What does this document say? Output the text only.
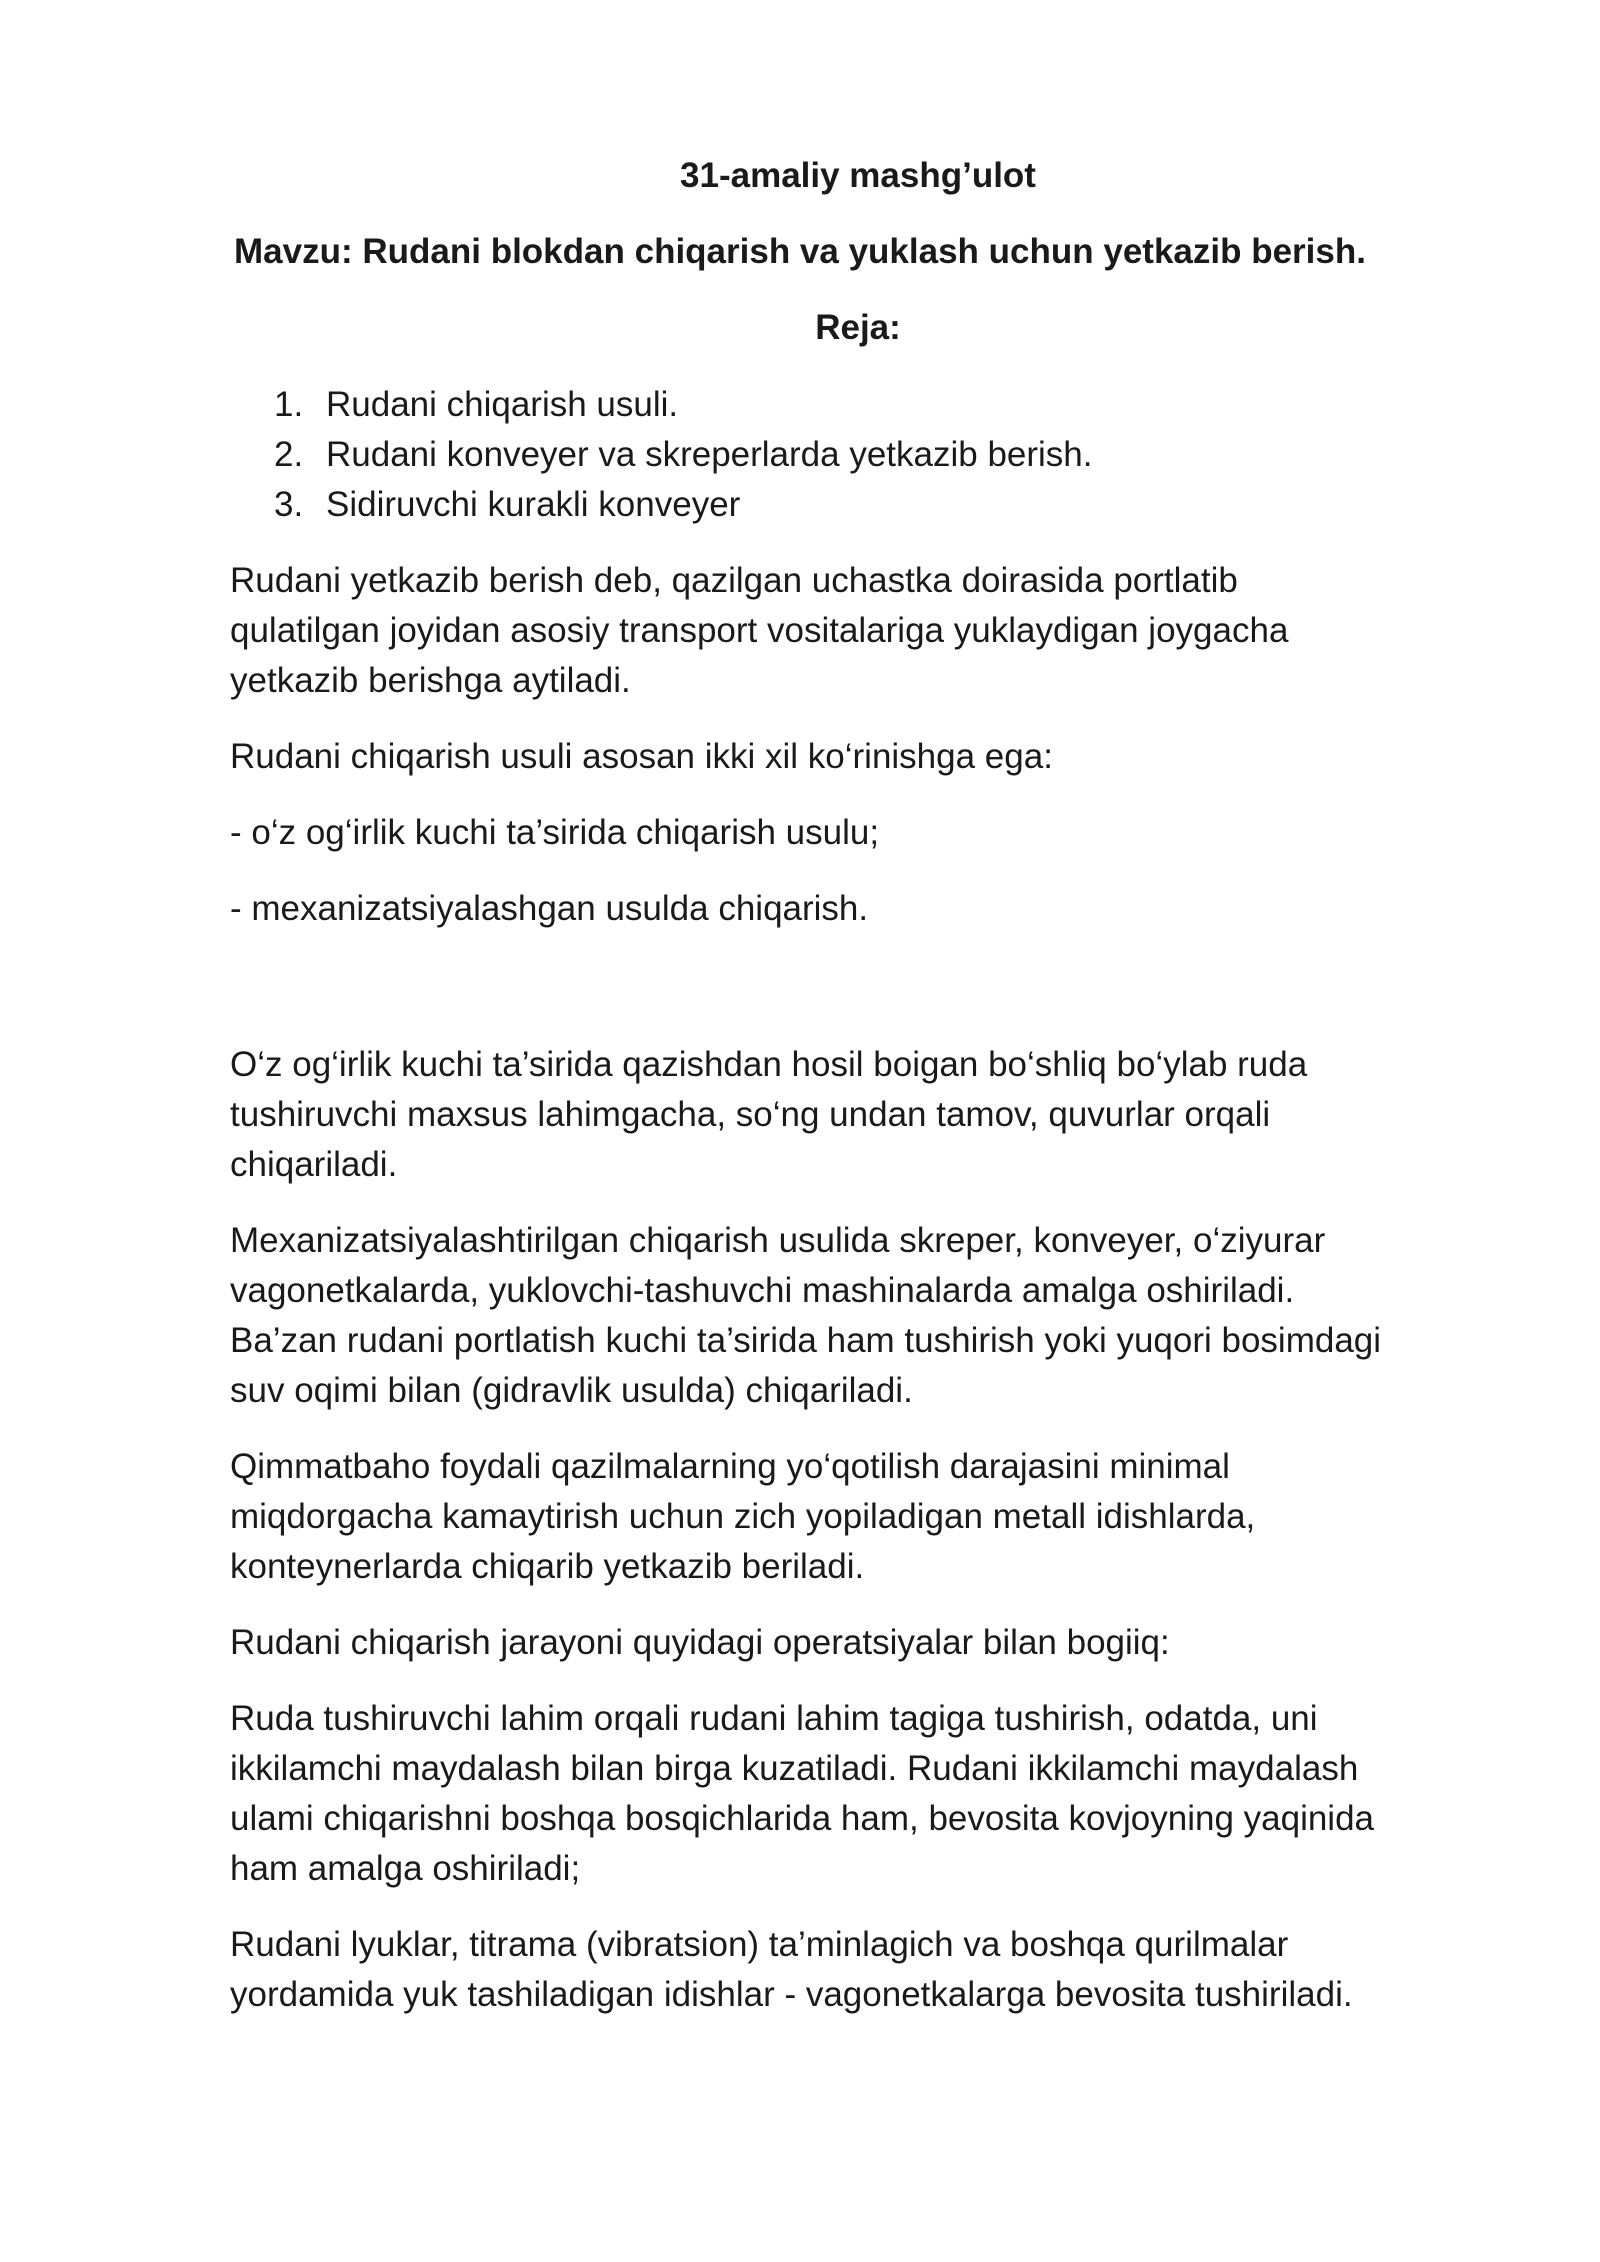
31-amaliy mashg’ulot
Mavzu: Rudani blokdan chiqarish va yuklash uchun yetkazib berish.
Reja:
1. Rudani chiqarish usuli.
2. Rudani konveyer va skreperlarda yetkazib berish.
3. Sidiruvchi kurakli konveyer

Rudani yetkazib berish deb, qazilgan uchastka doirasida portlatib
qulatilgan joyidan asosiy transport vositalariga yuklaydigan joygacha
yetkazib berishga aytiladi.

Rudani chiqarish usuli asosan ikki xil ko‘rinishga ega:

- o‘z og‘irlik kuchi ta’sirida chiqarish usulu;

- mexanizatsiyalashgan usulda chiqarish.

O‘z og‘irlik kuchi ta’sirida qazishdan hosil boigan bo‘shliq bo‘ylab ruda
tushiruvchi maxsus lahimgacha, so‘ng undan tamov, quvurlar orqali
chiqariladi.

Mexanizatsiyalashtirilgan chiqarish usulida skreper, konveyer, o‘ziyurar
vagonetkalarda, yuklovchi-tashuvchi mashinalarda amalga oshiriladi.
Ba’zan rudani portlatish kuchi ta’sirida ham tushirish yoki yuqori bosimdagi
suv oqimi bilan (gidravlik usulda) chiqariladi.

Qimmatbaho foydali qazilmalarning yo‘qotilish darajasini minimal
miqdorgacha kamaytirish uchun zich yopiladigan metall idishlarda,
konteynerlarda chiqarib yetkazib beriladi.

Rudani chiqarish jarayoni quyidagi operatsiyalar bilan bogiiq:

Ruda tushiruvchi lahim orqali rudani lahim tagiga tushirish, odatda, uni
ikkilamchi maydalash bilan birga kuzatiladi. Rudani ikkilamchi maydalash
ulami chiqarishni boshqa bosqichlarida ham, bevosita kovjoyning yaqinida
ham amalga oshiriladi;

Rudani lyuklar, titrama (vibratsion) ta’minlagich va boshqa qurilmalar
yordamida yuk tashiladigan idishlar - vagonetkalarga bevosita tushiriladi.
